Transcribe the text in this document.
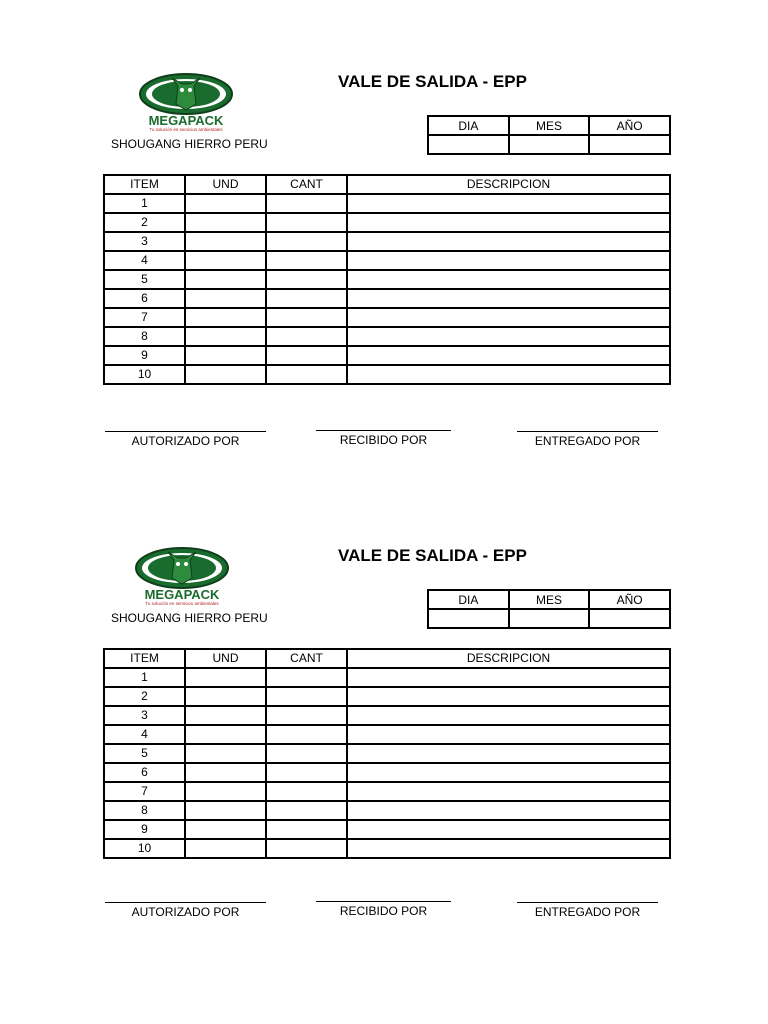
MEGAPACK
Tu solución en servicios ambientales
SHOUGANG HIERRO PERU
VALE DE SALIDA - EPP
DIA	MES	AÑO

ITEM	UND	CANT	DESCRIPCION
1			
2			
3			
4			
5			
6			
7			
8			
9			
10			
AUTORIZADO POR	RECIBIDO POR	ENTREGADO POR
MEGAPACK
Tu solución en servicios ambientales
SHOUGANG HIERRO PERU
VALE DE SALIDA - EPP
DIA	MES	AÑO

ITEM	UND	CANT	DESCRIPCION
1			
2			
3			
4			
5			
6			
7			
8			
9			
10			
AUTORIZADO POR	RECIBIDO POR	ENTREGADO POR
